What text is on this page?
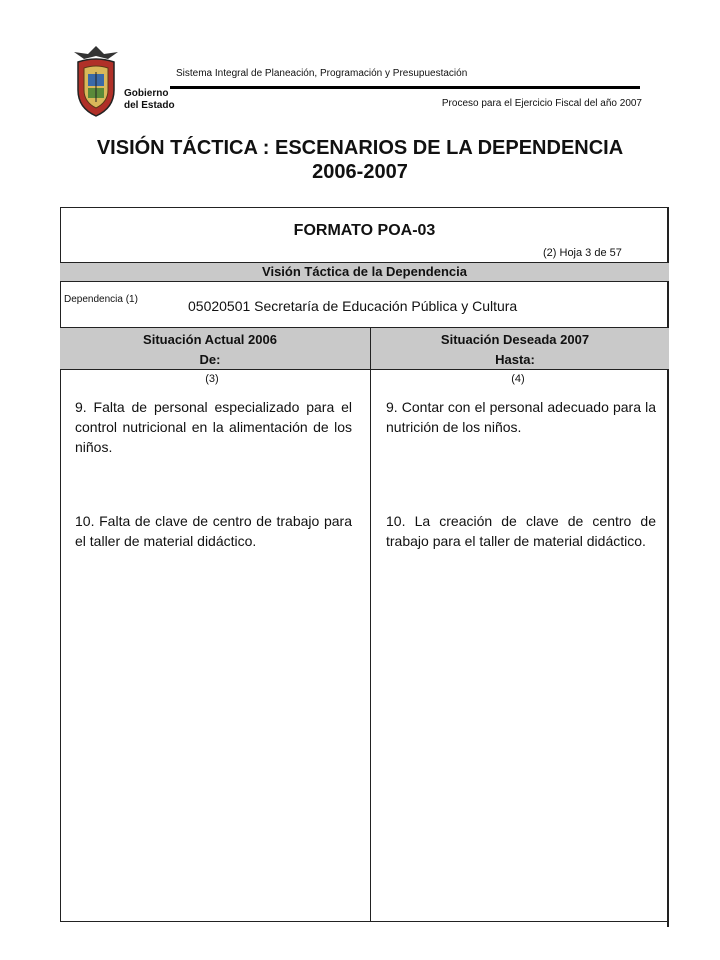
Gobierno
del Estado
Sistema Integral de Planeación, Programación y Presupuestación
Proceso para el Ejercicio Fiscal del año 2007
VISIÓN TÁCTICA : ESCENARIOS DE LA DEPENDENCIA
2006-2007
FORMATO POA-03
(2) Hoja 3 de 57
Visión Táctica de la Dependencia
Dependencia (1)	05020501 Secretaría de Educación Pública y Cultura
Situación Actual 2006
De:
Situación Deseada 2007
Hasta:
(3)	(4)
9. Falta de personal especializado para el control nutricional en la alimentación de los niños.
9. Contar con el personal adecuado para la nutrición de los niños.
10. Falta de clave de centro de trabajo para el taller de material didáctico.
10. La creación de clave de centro de trabajo para el taller de material didáctico.
